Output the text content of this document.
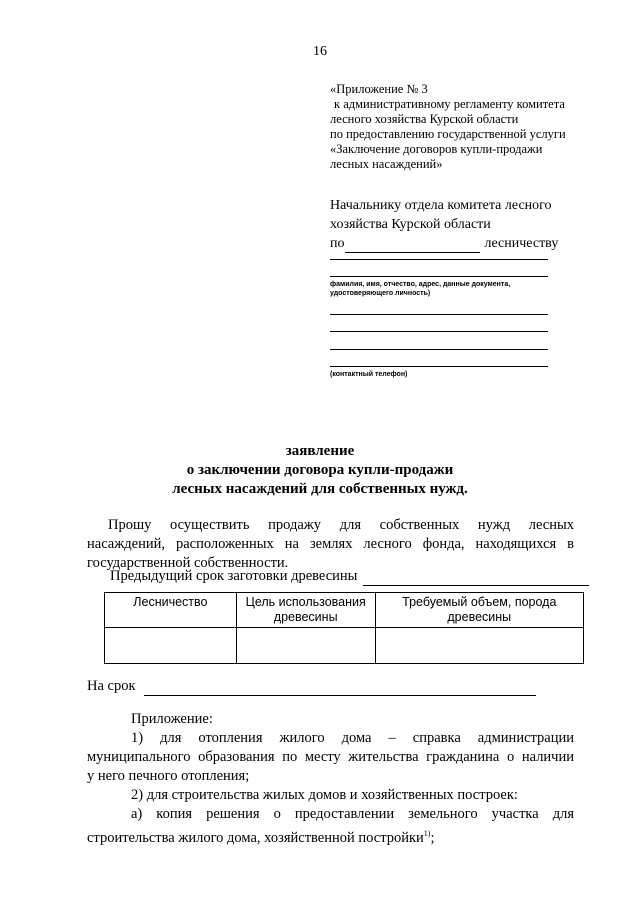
16
«Приложение № 3
к административному регламенту комитета
лесного хозяйства Курской области
по предоставлению государственной услуги
«Заключение договоров купли-продажи
лесных насаждений»
Начальнику отдела комитета лесного
хозяйства Курской области
по	лесничеству
фамилия, имя, отчество, адрес, данные документа,
удостоверяющего личность)
(контактный телефон)
заявление
о заключении договора купли-продажи
лесных насаждений для собственных нужд.
Прошу осуществить продажу для собственных нужд лесных
насаждений, расположенных на землях лесного фонда, находящихся в
государственной собственности.
Предыдущий срок заготовки древесины
Лесничество	Цель использования древесины	Требуемый объем, порода древесины

На срок
Приложение:
1) для отопления жилого дома – справка администрации
муниципального образования по месту жительства гражданина о наличии
у него печного отопления;
2) для строительства жилых домов и хозяйственных построек:
а) копия решения о предоставлении земельного участка для
строительства жилого дома, хозяйственной постройки$^{1)}$;
